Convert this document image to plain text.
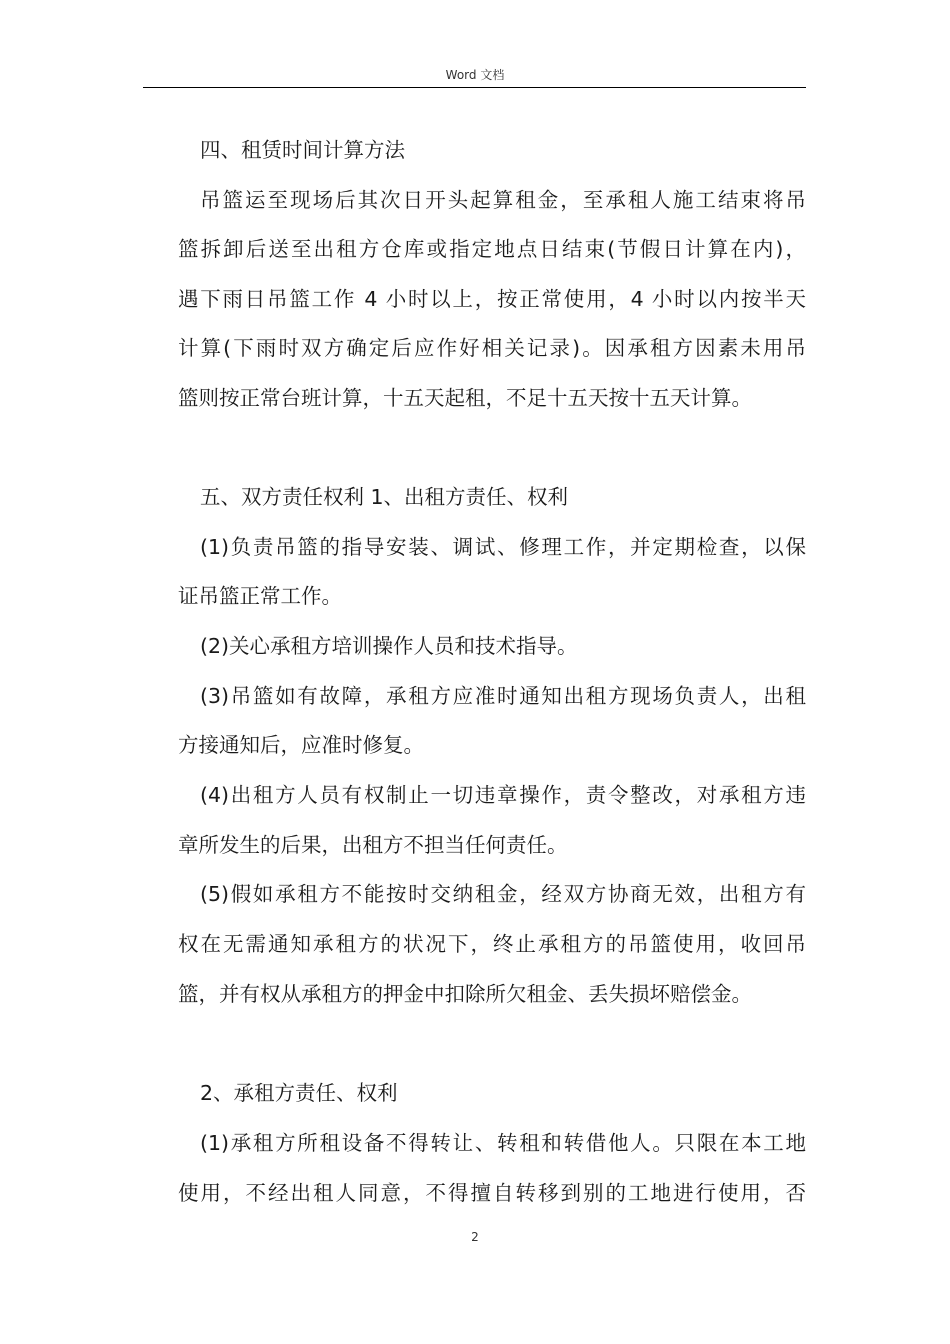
Word 文档
四、租赁时间计算方法
吊篮运至现场后其次日开头起算租金，至承租人施工结束将吊
篮拆卸后送至出租方仓库或指定地点日结束(节假日计算在内)，
遇下雨日吊篮工作 4 小时以上，按正常使用，4 小时以内按半天
计算(下雨时双方确定后应作好相关记录)。因承租方因素未用吊
篮则按正常台班计算，十五天起租，不足十五天按十五天计算。
五、双方责任权利 1、出租方责任、权利
(1)负责吊篮的指导安装、调试、修理工作，并定期检查，以保
证吊篮正常工作。
(2)关心承租方培训操作人员和技术指导。
(3)吊篮如有故障，承租方应准时通知出租方现场负责人，出租
方接通知后，应准时修复。
(4)出租方人员有权制止一切违章操作，责令整改，对承租方违
章所发生的后果，出租方不担当任何责任。
(5)假如承租方不能按时交纳租金，经双方协商无效，出租方有
权在无需通知承租方的状况下，终止承租方的吊篮使用，收回吊
篮，并有权从承租方的押金中扣除所欠租金、丢失损坏赔偿金。
2、承租方责任、权利
(1)承租方所租设备不得转让、转租和转借他人。只限在本工地
使用，不经出租人同意，不得擅自转移到别的工地进行使用，否
2
